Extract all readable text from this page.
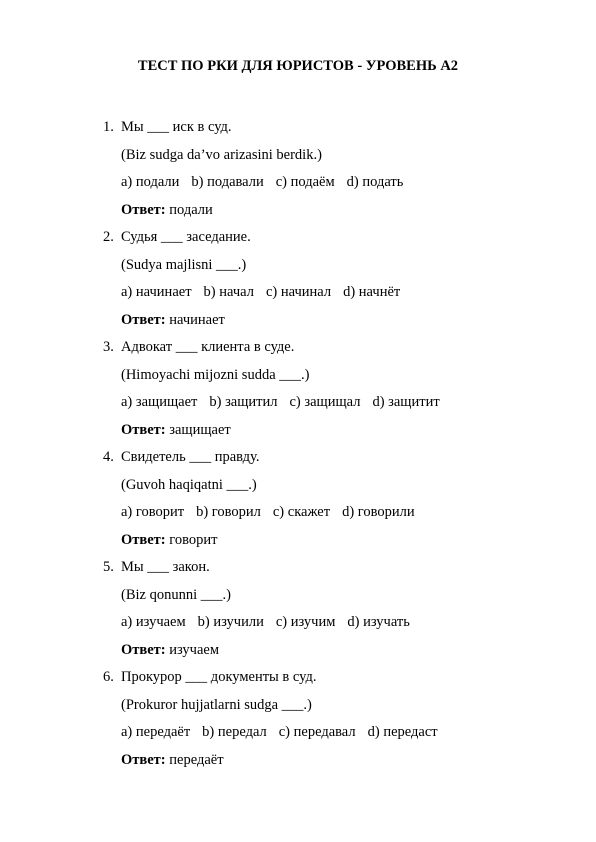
ТЕСТ ПО РКИ ДЛЯ ЮРИСТОВ - УРОВЕНЬ А2
1. Мы ___ иск в суд.
(Biz sudga da’vo arizasini berdik.)
a) подали b) подавали c) подаём d) подать
Ответ: подали
2. Судья ___ заседание.
(Sudya majlisni ___.)
a) начинает b) начал c) начинал d) начнёт
Ответ: начинает
3. Адвокат ___ клиента в суде.
(Himoyachi mijozni sudda ___.)
a) защищает b) защитил c) защищал d) защитит
Ответ: защищает
4. Свидетель ___ правду.
(Guvoh haqiqatni ___.)
a) говорит b) говорил c) скажет d) говорили
Ответ: говорит
5. Мы ___ закон.
(Biz qonunni ___.)
a) изучаем b) изучили c) изучим d) изучать
Ответ: изучаем
6. Прокурор ___ документы в суд.
(Prokuror hujjatlarni sudga ___.)
a) передаёт b) передал c) передавал d) передаст
Ответ: передаёт
